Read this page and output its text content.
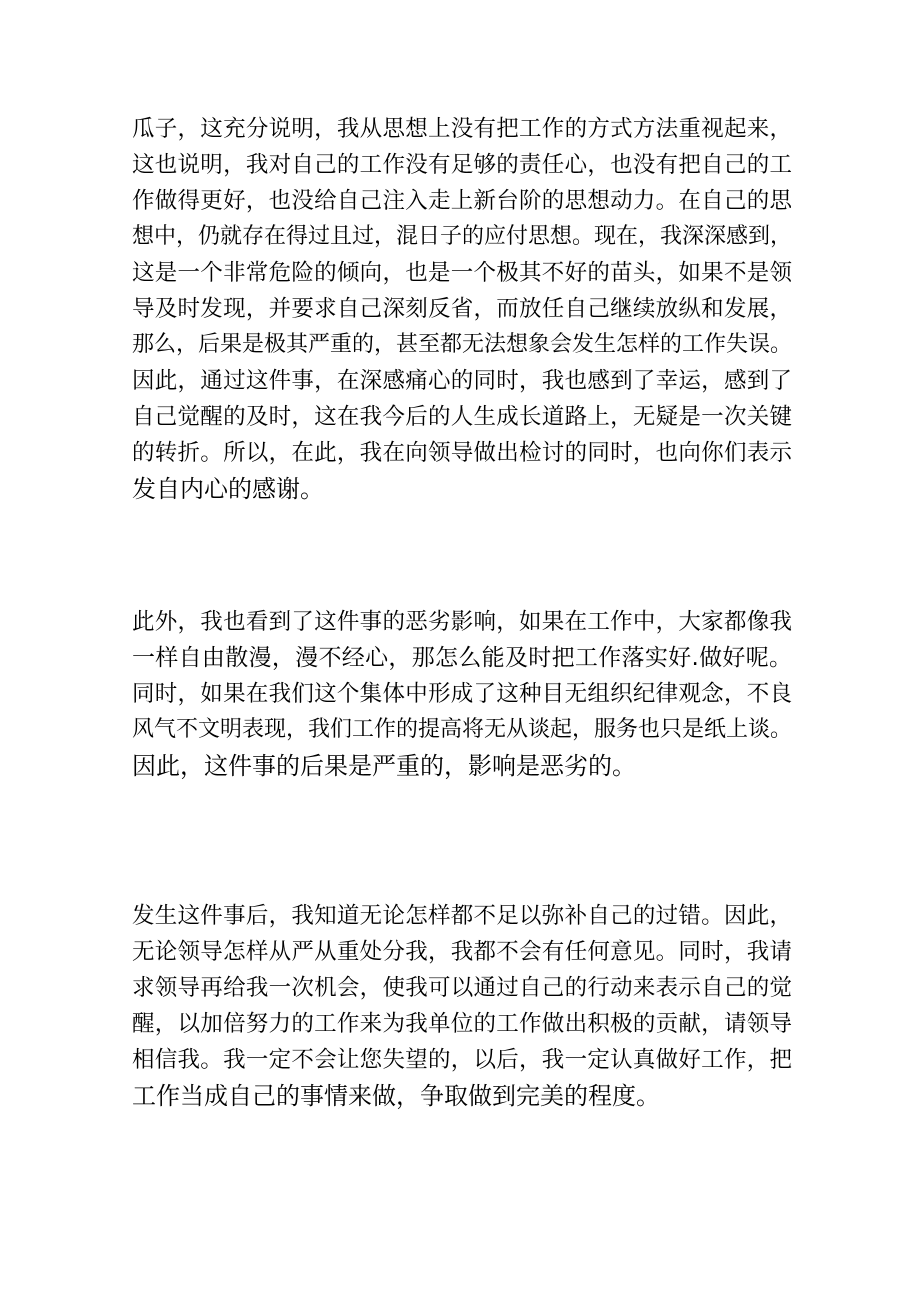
瓜子，这充分说明，我从思想上没有把工作的方式方法重视起来，
这也说明，我对自己的工作没有足够的责任心，也没有把自己的工
作做得更好，也没给自己注入走上新台阶的思想动力。在自己的思
想中，仍就存在得过且过，混日子的应付思想。现在，我深深感到，
这是一个非常危险的倾向，也是一个极其不好的苗头，如果不是领
导及时发现，并要求自己深刻反省，而放任自己继续放纵和发展，
那么，后果是极其严重的，甚至都无法想象会发生怎样的工作失误。
因此，通过这件事，在深感痛心的同时，我也感到了幸运，感到了
自己觉醒的及时，这在我今后的人生成长道路上，无疑是一次关键
的转折。所以，在此，我在向领导做出检讨的同时，也向你们表示
发自内心的感谢。
此外，我也看到了这件事的恶劣影响，如果在工作中，大家都像我
一样自由散漫，漫不经心，那怎么能及时把工作落实好.做好呢。
同时，如果在我们这个集体中形成了这种目无组织纪律观念，不良
风气不文明表现，我们工作的提高将无从谈起，服务也只是纸上谈。
因此，这件事的后果是严重的，影响是恶劣的。
发生这件事后，我知道无论怎样都不足以弥补自己的过错。因此，
无论领导怎样从严从重处分我，我都不会有任何意见。同时，我请
求领导再给我一次机会，使我可以通过自己的行动来表示自己的觉
醒，以加倍努力的工作来为我单位的工作做出积极的贡献，请领导
相信我。我一定不会让您失望的，以后，我一定认真做好工作，把
工作当成自己的事情来做，争取做到完美的程度。
